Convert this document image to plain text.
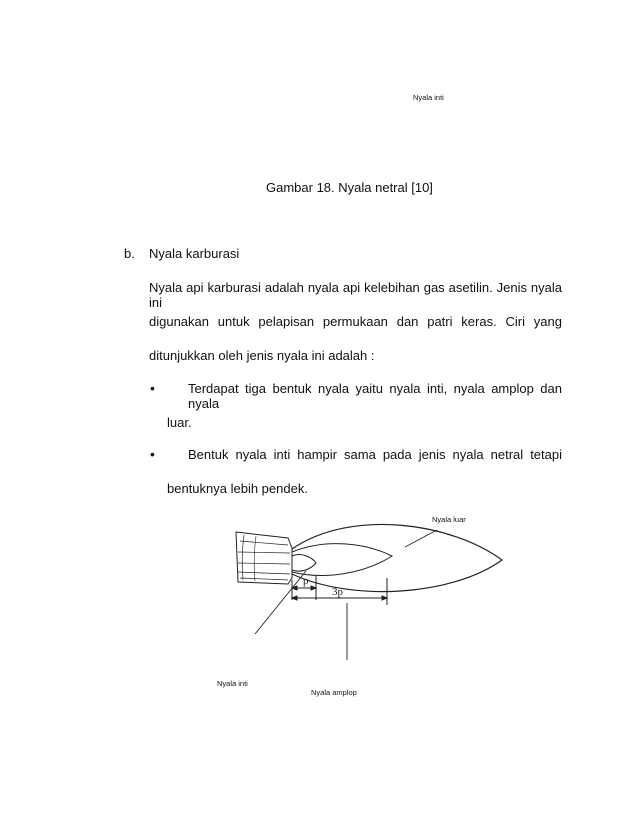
Nyala inti
Gambar 18. Nyala netral [10]
b. Nyala karburasi
Nyala api karburasi adalah nyala api kelebihan gas asetilin. Jenis nyala ini
digunakan untuk pelapisan permukaan dan patri keras. Ciri yang
ditunjukkan oleh jenis nyala ini adalah :
•	Terdapat tiga bentuk nyala yaitu nyala inti, nyala amplop dan nyala
luar.
•	Bentuk nyala inti hampir sama pada jenis nyala netral tetapi
bentuknya lebih pendek.
p
3p
Nyala luar
Nyala inti
Nyala amplop
